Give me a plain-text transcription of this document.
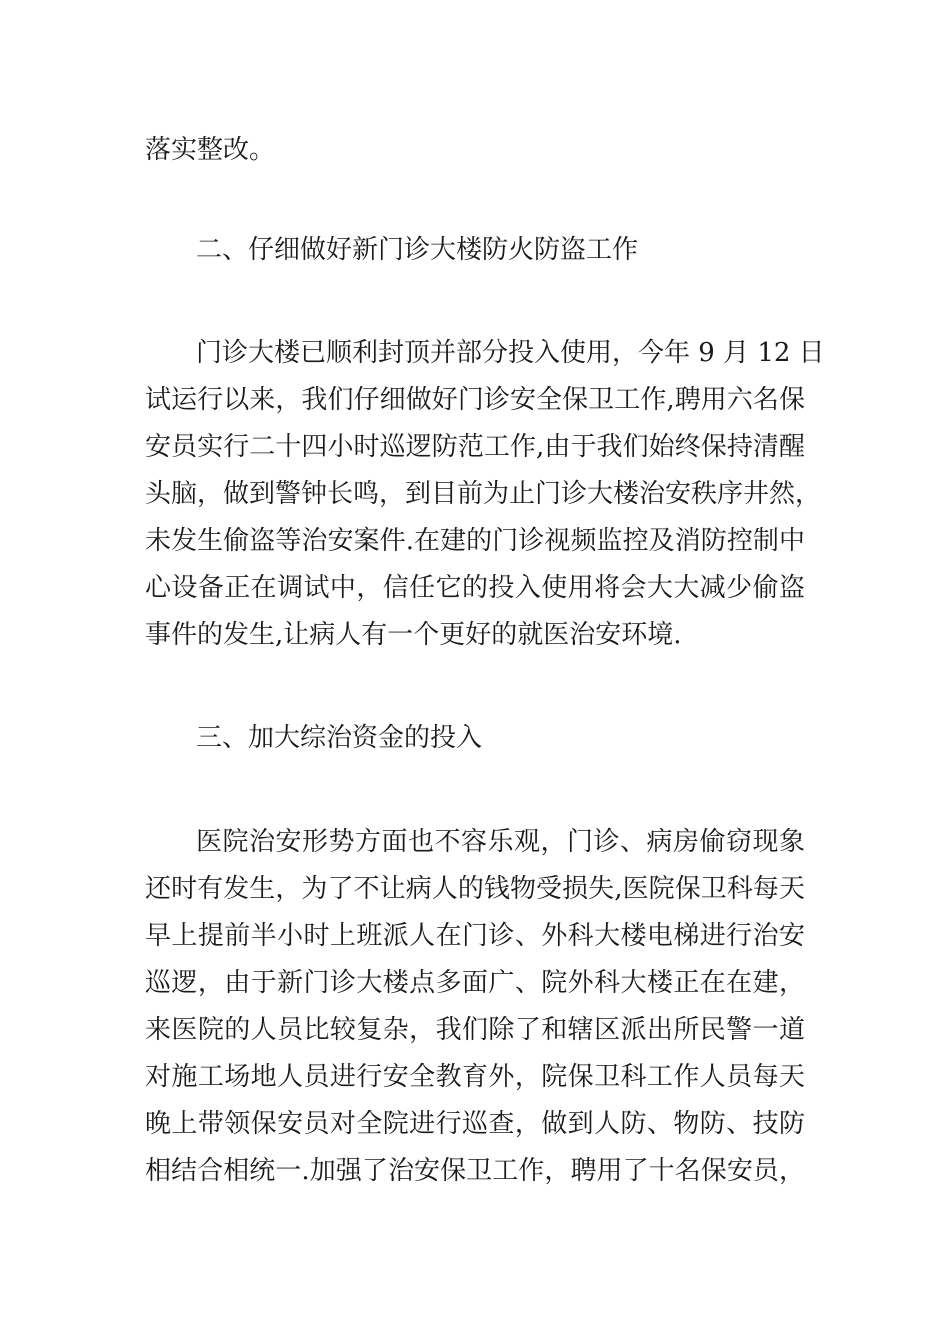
落实整改。
二、仔细做好新门诊大楼防火防盗工作
门诊大楼已顺利封顶并部分投入使用，今年 9 月 12 日
试运行以来，我们仔细做好门诊安全保卫工作,聘用六名保
安员实行二十四小时巡逻防范工作,由于我们始终保持清醒
头脑，做到警钟长鸣，到目前为止门诊大楼治安秩序井然，
未发生偷盗等治安案件.在建的门诊视频监控及消防控制中
心设备正在调试中，信任它的投入使用将会大大减少偷盗
事件的发生,让病人有一个更好的就医治安环境.
三、加大综治资金的投入
医院治安形势方面也不容乐观，门诊、病房偷窃现象
还时有发生，为了不让病人的钱物受损失,医院保卫科每天
早上提前半小时上班派人在门诊、外科大楼电梯进行治安
巡逻，由于新门诊大楼点多面广、院外科大楼正在在建，
来医院的人员比较复杂，我们除了和辖区派出所民警一道
对施工场地人员进行安全教育外，院保卫科工作人员每天
晚上带领保安员对全院进行巡查，做到人防、物防、技防
相结合相统一.加强了治安保卫工作，聘用了十名保安员，
